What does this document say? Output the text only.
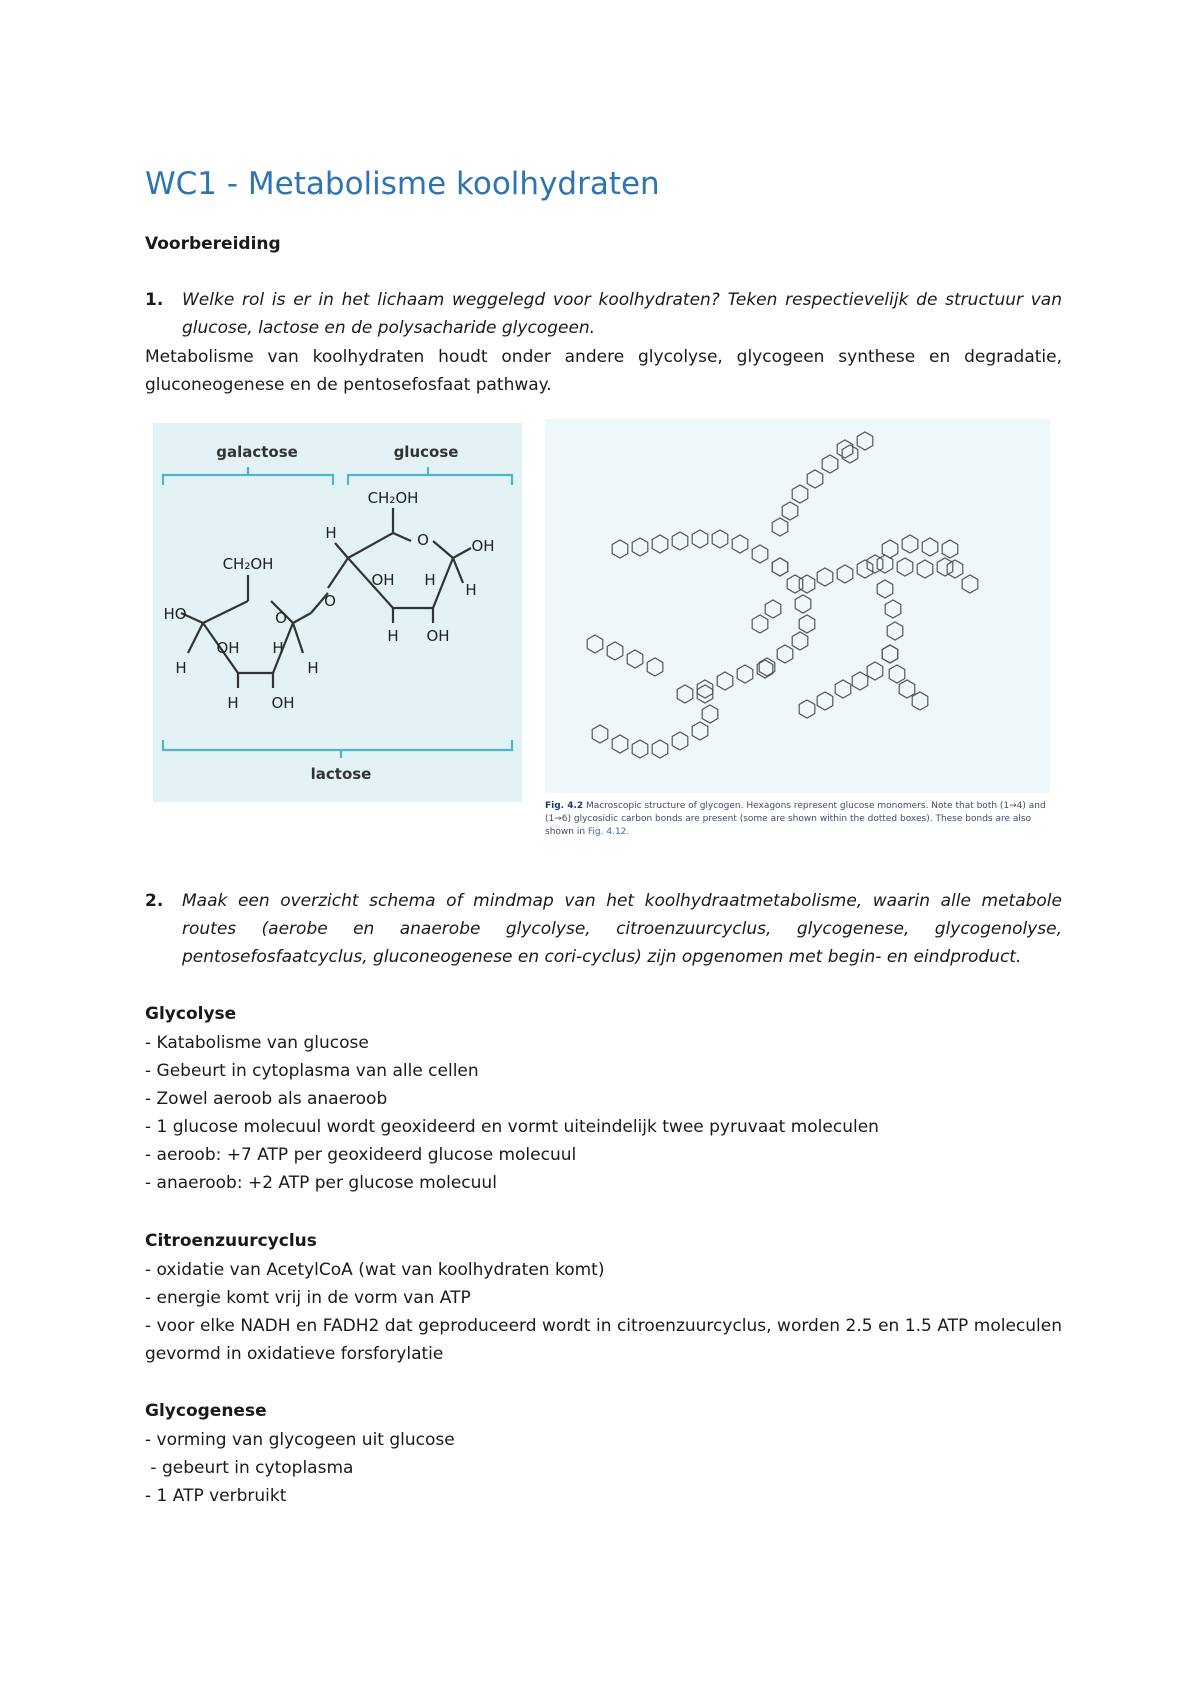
WC1 - Metabolisme koolhydraten
Voorbereiding
1. Welke rol is er in het lichaam weggelegd voor koolhydraten? Teken respectievelijk de structuur van glucose, lactose en de polysacharide glycogeen.

Metabolisme van koolhydraten houdt onder andere glycolyse, glycogeen synthese en degradatie, gluconeogenese en de pentosefosfaat pathway.

CH₂OH
HO	O
OH H
H	H
H OH
O
CH₂OH
O
H
OH
OH H
H
H OH
galactose	glucose
lactose
Fig. 4.2 Macroscopic structure of glycogen. Hexagons represent glucose monomers. Note that both (1→4) and (1→6) glycosidic carbon bonds are present (some are shown within the dotted boxes). These bonds are also shown in Fig. 4.12.
2. Maak een overzicht schema of mindmap van het koolhydraatmetabolisme, waarin alle metabole routes (aerobe en anaerobe glycolyse, citroenzuurcyclus, glycogenese, glycogenolyse, pentosefosfaatcyclus, gluconeogenese en cori-cyclus) zijn opgenomen met begin- en eindproduct.

Glycolyse
- Katabolisme van glucose
- Gebeurt in cytoplasma van alle cellen
- Zowel aeroob als anaeroob
- 1 glucose molecuul wordt geoxideerd en vormt uiteindelijk twee pyruvaat moleculen
- aeroob: +7 ATP per geoxideerd glucose molecuul
- anaeroob: +2 ATP per glucose molecuul
Citroenzuurcyclus
- oxidatie van AcetylCoA (wat van koolhydraten komt)
- energie komt vrij in de vorm van ATP
- voor elke NADH en FADH2 dat geproduceerd wordt in citroenzuurcyclus, worden 2.5 en 1.5 ATP moleculen gevormd in oxidatieve forsforylatie
Glycogenese
- vorming van glycogeen uit glucose
- gebeurt in cytoplasma
- 1 ATP verbruikt
